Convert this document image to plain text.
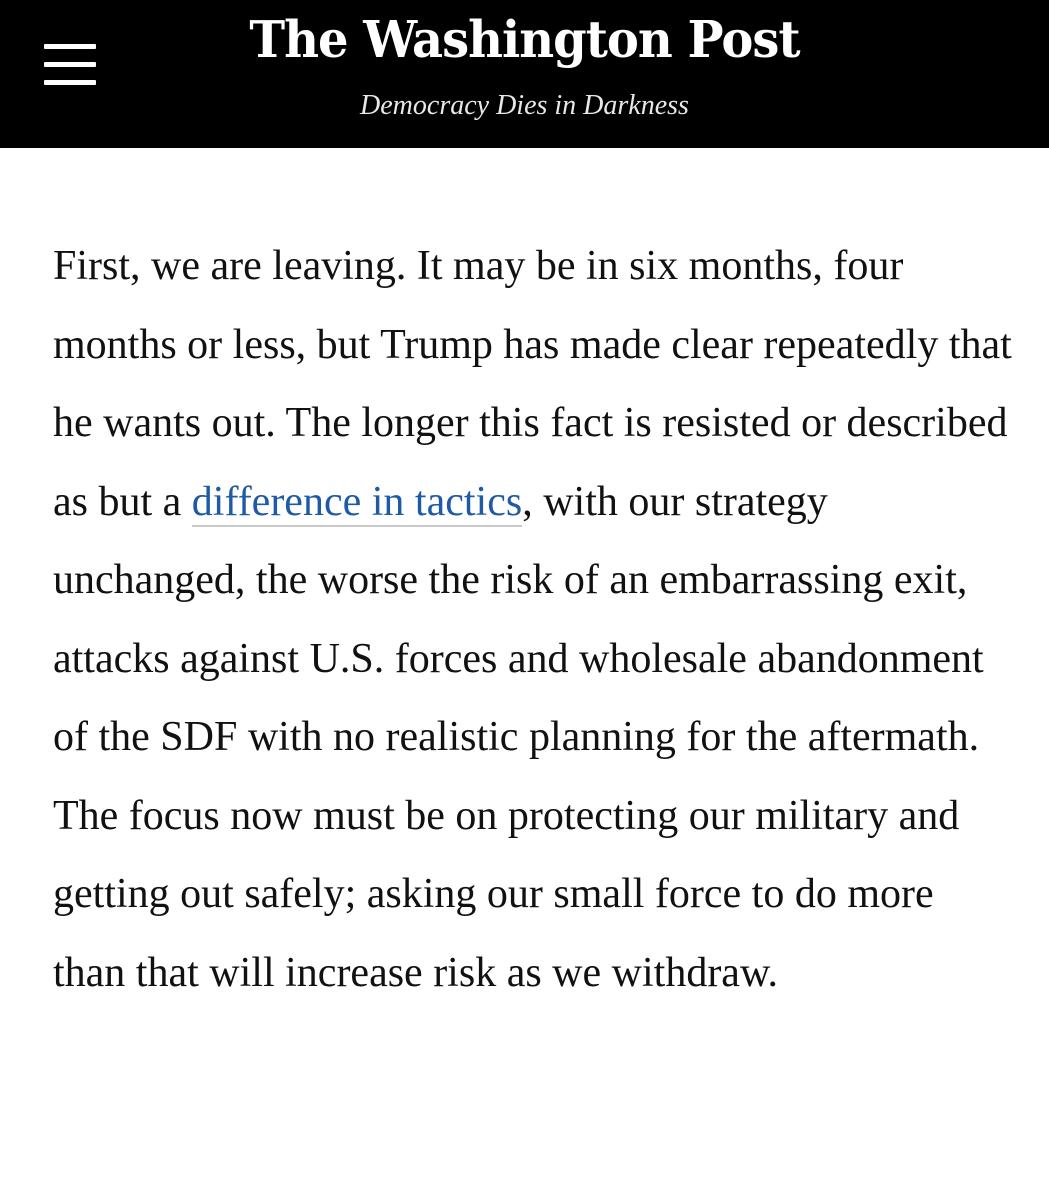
The Washington Post
Democracy Dies in Darkness
First, we are leaving. It may be in six months, four months or less, but Trump has made clear repeatedly that he wants out. The longer this fact is resisted or described as but a difference in tactics, with our strategy unchanged, the worse the risk of an embarrassing exit, attacks against U.S. forces and wholesale abandonment of the SDF with no realistic planning for the aftermath. The focus now must be on protecting our military and getting out safely; asking our small force to do more than that will increase risk as we withdraw.
